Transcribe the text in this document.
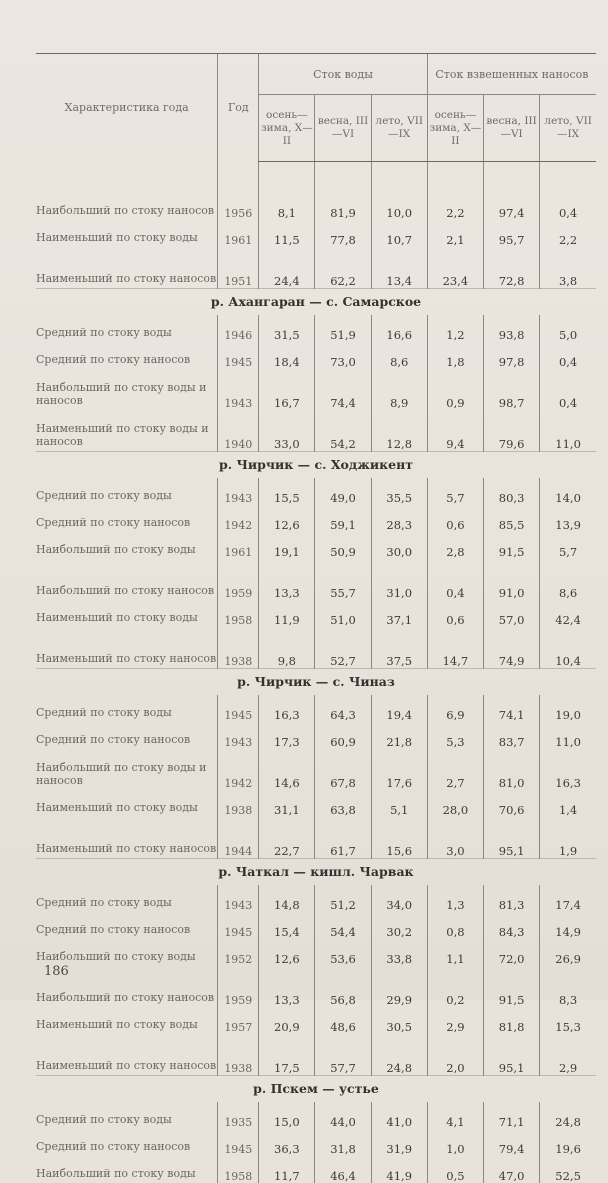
Характеристика года	Год	Сток воды			Сток взвешенных наносов		
		осень—зима, X—II	весна, III—VI	лето, VII—IX	осень—зима, X—II	весна, III—VI	лето, VII—IX

Наибольший по стоку наносов	1956	8,1	81,9	10,0	2,2	97,4	0,4
Наименьший по стоку воды	1961	11,5	77,8	10,7	2,1	95,7	2,2
Наименьший по стоку наносов	1951	24,4	62,2	13,4	23,4	72,8	3,8
р. Ахангаран — с. Самарское							
Средний по стоку воды	1946	31,5	51,9	16,6	1,2	93,8	5,0
Средний по стоку наносов	1945	18,4	73,0	8,6	1,8	97,8	0,4
Наибольший по стоку воды и наносов	1943	16,7	74,4	8,9	0,9	98,7	0,4
Наименьший по стоку воды и наносов	1940	33,0	54,2	12,8	9,4	79,6	11,0
р. Чирчик — с. Ходжикент							
Средний по стоку воды	1943	15,5	49,0	35,5	5,7	80,3	14,0
Средний по стоку наносов	1942	12,6	59,1	28,3	0,6	85,5	13,9
Наибольший по стоку воды	1961	19,1	50,9	30,0	2,8	91,5	5,7
Наибольший по стоку наносов	1959	13,3	55,7	31,0	0,4	91,0	8,6
Наименьший по стоку воды	1958	11,9	51,0	37,1	0,6	57,0	42,4
Наименьший по стоку наносов	1938	9,8	52,7	37,5	14,7	74,9	10,4
р. Чирчик — с. Чиназ							
Средний по стоку воды	1945	16,3	64,3	19,4	6,9	74,1	19,0
Средний по стоку наносов	1943	17,3	60,9	21,8	5,3	83,7	11,0
Наибольший по стоку воды и наносов	1942	14,6	67,8	17,6	2,7	81,0	16,3
Наименьший по стоку воды	1938	31,1	63,8	5,1	28,0	70,6	1,4
Наименьший по стоку наносов	1944	22,7	61,7	15,6	3,0	95,1	1,9
р. Чаткал — кишл. Чарвак							
Средний по стоку воды	1943	14,8	51,2	34,0	1,3	81,3	17,4
Средний по стоку наносов	1945	15,4	54,4	30,2	0,8	84,3	14,9
Наибольший по стоку воды	1952	12,6	53,6	33,8	1,1	72,0	26,9
Наибольший по стоку наносов	1959	13,3	56,8	29,9	0,2	91,5	8,3
Наименьший по стоку воды	1957	20,9	48,6	30,5	2,9	81,8	15,3
Наименьший по стоку наносов	1938	17,5	57,7	24,8	2,0	95,1	2,9
р. Пскем — устье							
Средний по стоку воды	1935	15,0	44,0	41,0	4,1	71,1	24,8
Средний по стоку наносов	1945	36,3	31,8	31,9	1,0	79,4	19,6
Наибольший по стоку воды	1958	11,7	46,4	41,9	0,5	47,0	52,5
186
